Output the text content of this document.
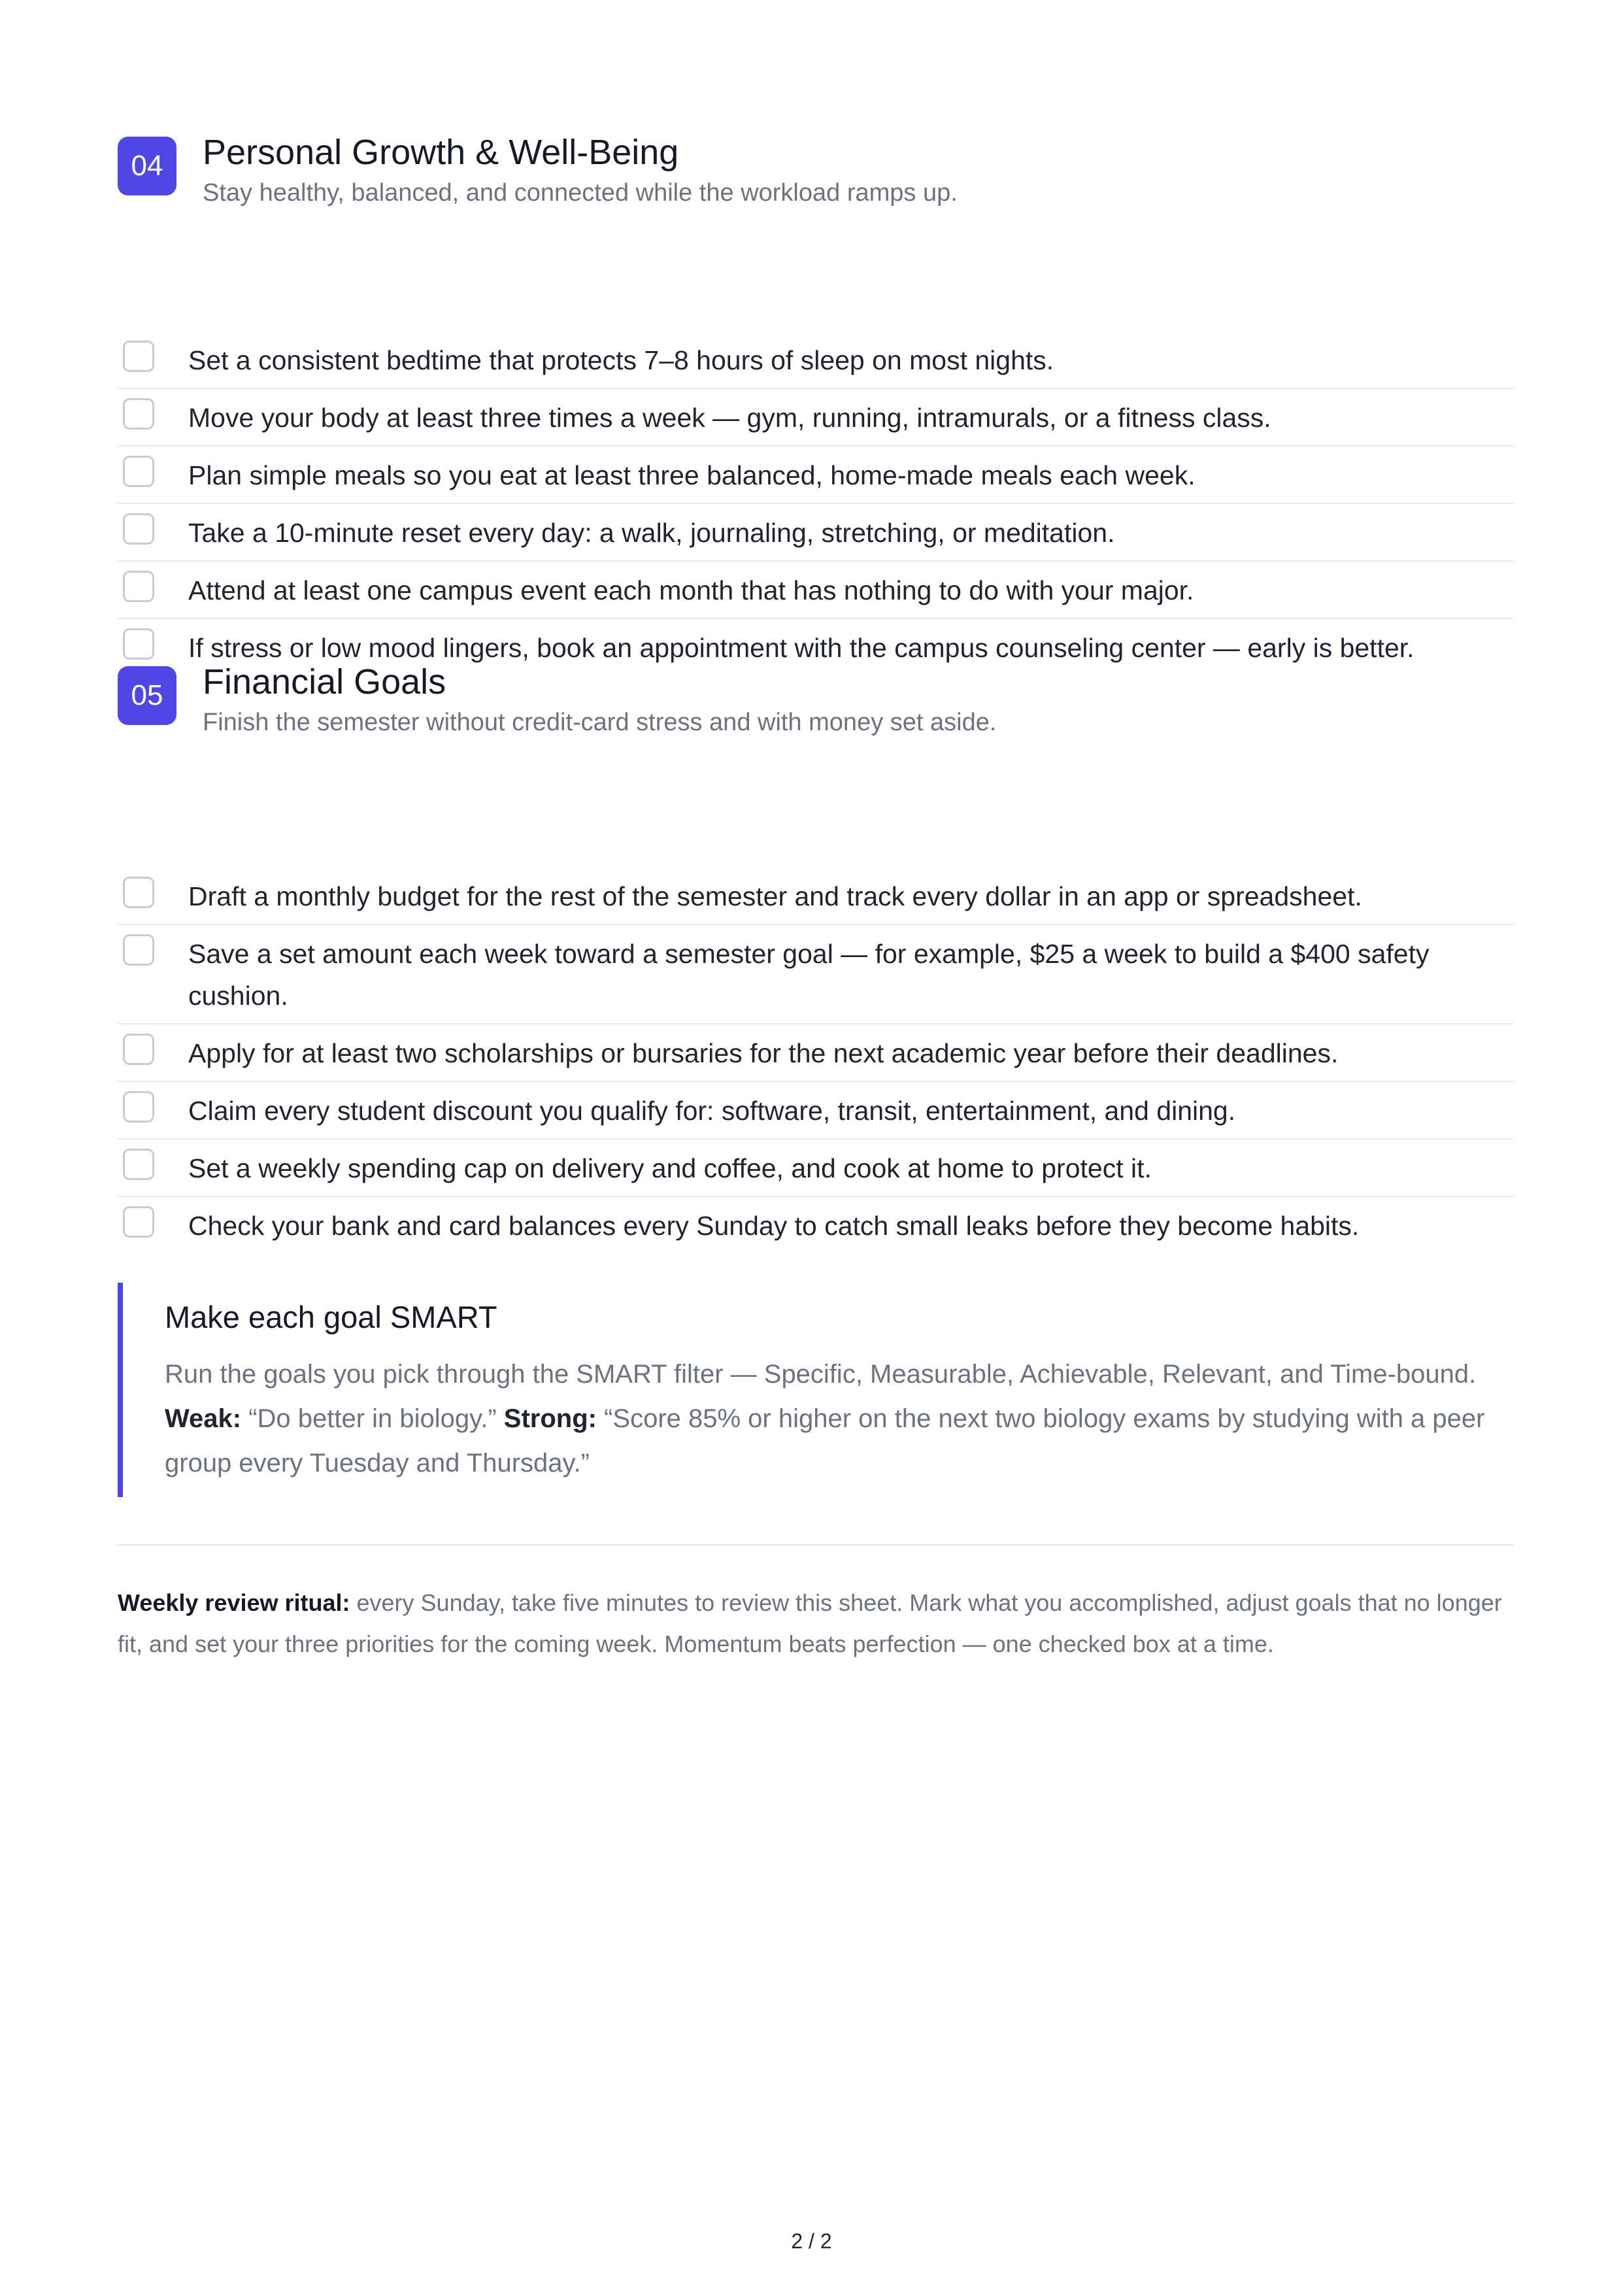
04	Personal Growth & Well-Being
Stay healthy, balanced, and connected while the workload ramps up.
Set a consistent bedtime that protects 7–8 hours of sleep on most nights.
Move your body at least three times a week — gym, running, intramurals, or a fitness class.
Plan simple meals so you eat at least three balanced, home-made meals each week.
Take a 10-minute reset every day: a walk, journaling, stretching, or meditation.
Attend at least one campus event each month that has nothing to do with your major.
If stress or low mood lingers, book an appointment with the campus counseling center — early is better.
05	Financial Goals
Finish the semester without credit-card stress and with money set aside.
Draft a monthly budget for the rest of the semester and track every dollar in an app or spreadsheet.
Save a set amount each week toward a semester goal — for example, $25 a week to build a $400 safety cushion.
Apply for at least two scholarships or bursaries for the next academic year before their deadlines.
Claim every student discount you qualify for: software, transit, entertainment, and dining.
Set a weekly spending cap on delivery and coffee, and cook at home to protect it.
Check your bank and card balances every Sunday to catch small leaks before they become habits.
Make each goal SMART
Run the goals you pick through the SMART filter — Specific, Measurable, Achievable, Relevant, and Time-bound. Weak: “Do better in biology.” Strong: “Score 85% or higher on the next two biology exams by studying with a peer group every Tuesday and Thursday.”
Weekly review ritual: every Sunday, take five minutes to review this sheet. Mark what you accomplished, adjust goals that no longer fit, and set your three priorities for the coming week. Momentum beats perfection — one checked box at a time.
2 / 2
